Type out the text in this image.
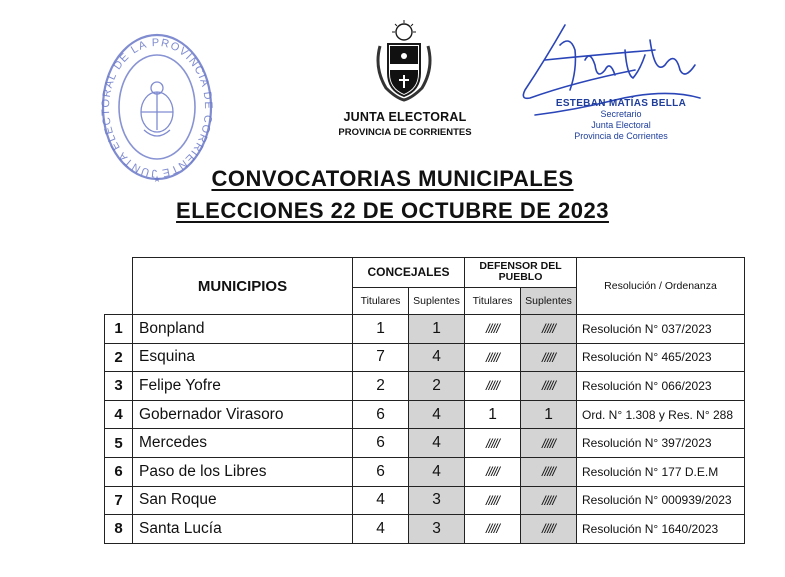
JUNTA ELECTORAL DE LA PROVINCIA DE CORRIENTE
★
JUNTA ELECTORAL
PROVINCIA DE CORRIENTES
ESTEBAN MATÍAS BELLA
Secretario
Junta Electoral
Provincia de Corrientes
CONVOCATORIAS MUNICIPALES
ELECCIONES 22 DE OCTUBRE DE 2023
	MUNICIPIOS	CONCEJALES		DEFENSOR DEL PUEBLO		Resolución / Ordenanza
		Titulares	Suplentes	Titulares	Suplentes	
1	Bonpland	1	1	/////	/////	Resolución N° 037/2023
2	Esquina	7	4	/////	/////	Resolución N° 465/2023
3	Felipe Yofre	2	2	/////	/////	Resolución N° 066/2023
4	Gobernador Virasoro	6	4	1	1	Ord. N° 1.308 y Res. N° 288
5	Mercedes	6	4	/////	/////	Resolución N° 397/2023
6	Paso de los Libres	6	4	/////	/////	Resolución N° 177 D.E.M
7	San Roque	4	3	/////	/////	Resolución N° 000939/2023
8	Santa Lucía	4	3	/////	/////	Resolución N° 1640/2023
